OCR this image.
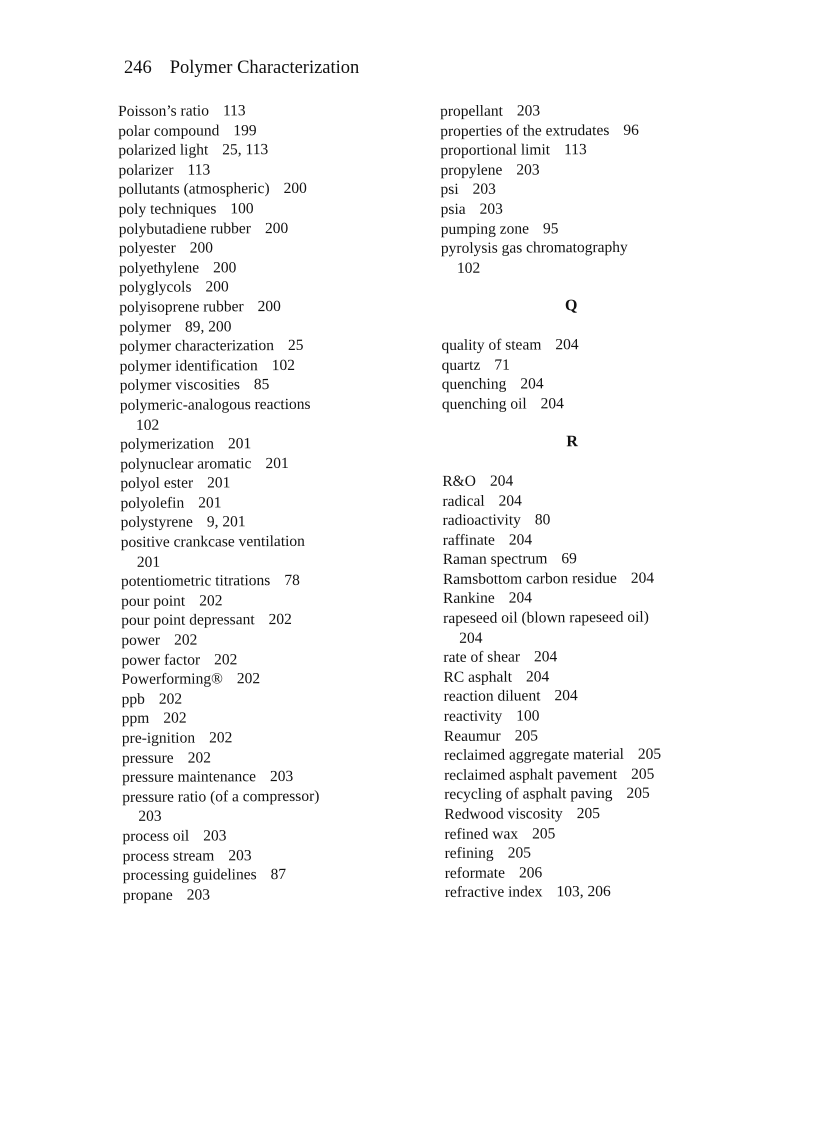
246 Polymer Characterization
Poisson’s ratio 113
polar compound 199
polarized light 25, 113
polarizer 113
pollutants (atmospheric) 200
poly techniques 100
polybutadiene rubber 200
polyester 200
polyethylene 200
polyglycols 200
polyisoprene rubber 200
polymer 89, 200
polymer characterization 25
polymer identification 102
polymer viscosities 85
polymeric-analogous reactions
102
polymerization 201
polynuclear aromatic 201
polyol ester 201
polyolefin 201
polystyrene 9, 201
positive crankcase ventilation
201
potentiometric titrations 78
pour point 202
pour point depressant 202
power 202
power factor 202
Powerforming® 202
ppb 202
ppm 202
pre-ignition 202
pressure 202
pressure maintenance 203
pressure ratio (of a compressor)
203
process oil 203
process stream 203
processing guidelines 87
propane 203
propellant 203
properties of the extrudates 96
proportional limit 113
propylene 203
psi 203
psia 203
pumping zone 95
pyrolysis gas chromatography
102
Q
quality of steam 204
quartz 71
quenching 204
quenching oil 204
R
R&O 204
radical 204
radioactivity 80
raffinate 204
Raman spectrum 69
Ramsbottom carbon residue 204
Rankine 204
rapeseed oil (blown rapeseed oil)
204
rate of shear 204
RC asphalt 204
reaction diluent 204
reactivity 100
Reaumur 205
reclaimed aggregate material 205
reclaimed asphalt pavement 205
recycling of asphalt paving 205
Redwood viscosity 205
refined wax 205
refining 205
reformate 206
refractive index 103, 206
